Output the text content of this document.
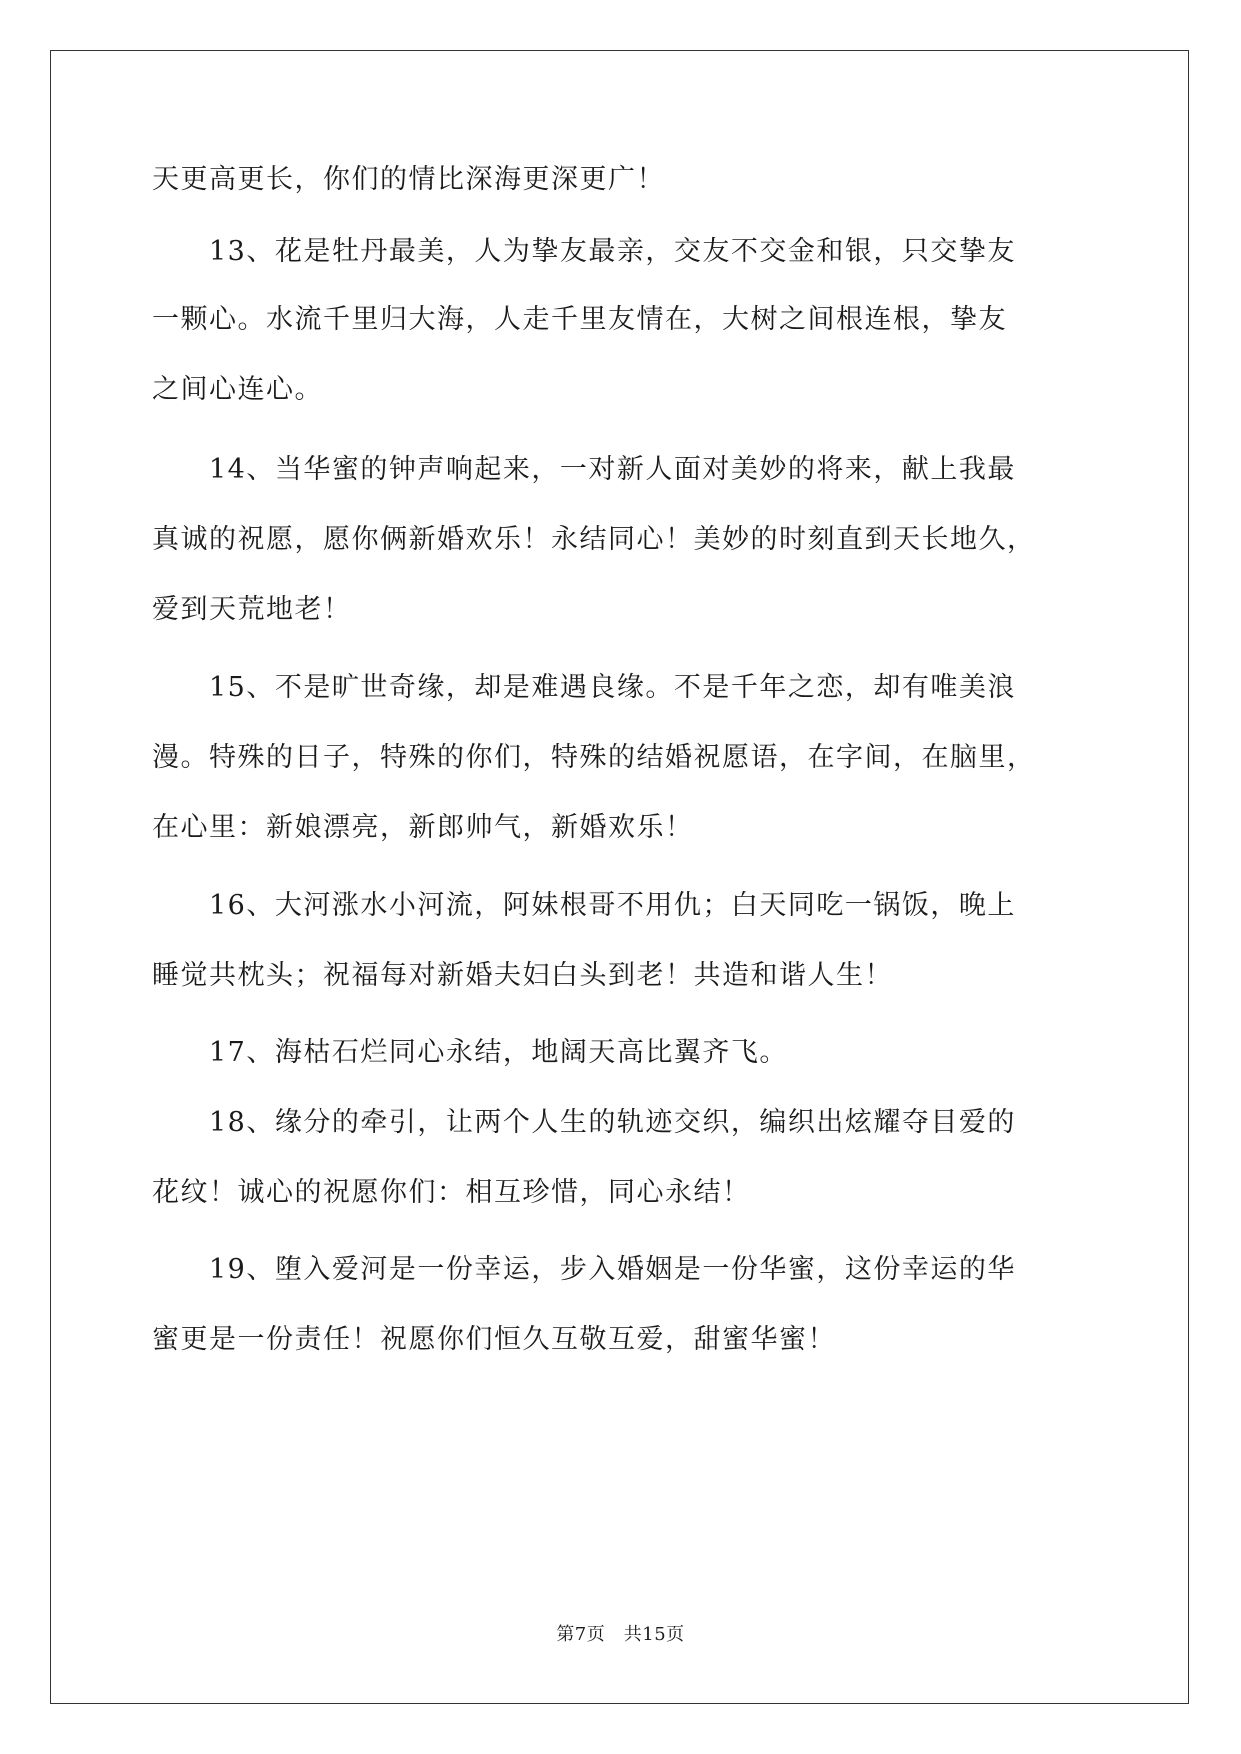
天更高更长，你们的情比深海更深更广！
　　13、花是牡丹最美，人为挚友最亲，交友不交金和银，只交挚友
一颗心。水流千里归大海，人走千里友情在，大树之间根连根，挚友
之间心连心。
　　14、当华蜜的钟声响起来，一对新人面对美妙的将来，献上我最
真诚的祝愿，愿你俩新婚欢乐！永结同心！美妙的时刻直到天长地久，
爱到天荒地老！
　　15、不是旷世奇缘，却是难遇良缘。不是千年之恋，却有唯美浪
漫。特殊的日子，特殊的你们，特殊的结婚祝愿语，在字间，在脑里，
在心里：新娘漂亮，新郎帅气，新婚欢乐！
　　16、大河涨水小河流，阿妹根哥不用仇；白天同吃一锅饭，晚上
睡觉共枕头；祝福每对新婚夫妇白头到老！共造和谐人生！
　　17、海枯石烂同心永结，地阔天高比翼齐飞。
　　18、缘分的牵引，让两个人生的轨迹交织，编织出炫耀夺目爱的
花纹！诚心的祝愿你们：相互珍惜，同心永结！
　　19、堕入爱河是一份幸运，步入婚姻是一份华蜜，这份幸运的华
蜜更是一份责任！祝愿你们恒久互敬互爱，甜蜜华蜜！
第7页　共15页
